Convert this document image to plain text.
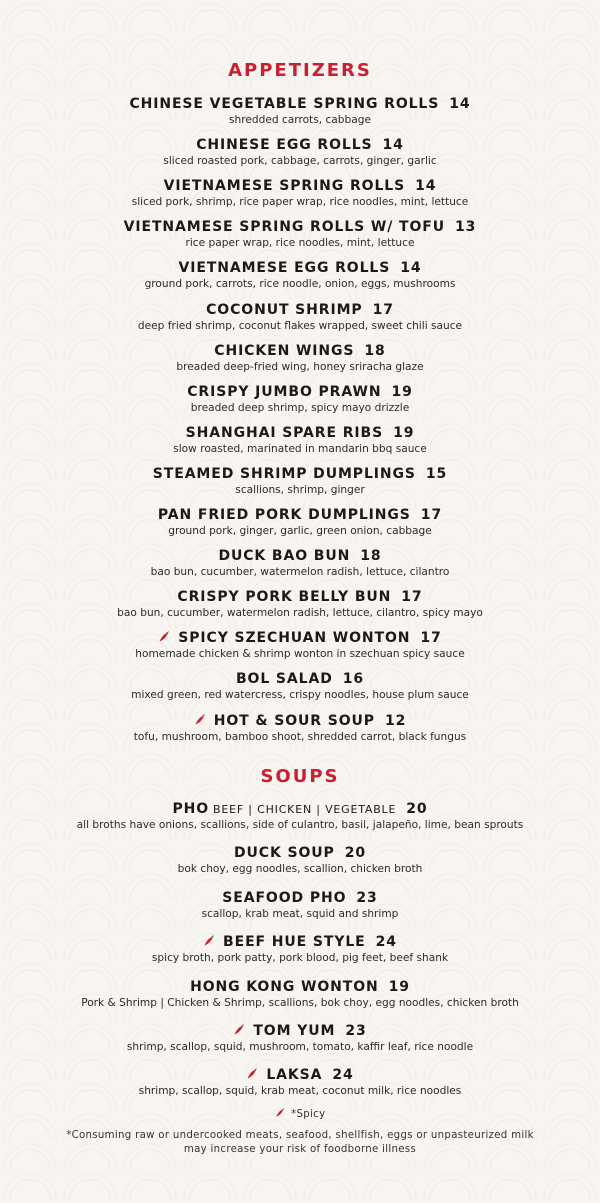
APPETIZERS
CHINESE VEGETABLE SPRING ROLLS 14
shredded carrots, cabbage
CHINESE EGG ROLLS 14
sliced roasted pork, cabbage, carrots, ginger, garlic
VIETNAMESE SPRING ROLLS 14
sliced pork, shrimp, rice paper wrap, rice noodles, mint, lettuce
VIETNAMESE SPRING ROLLS W/ TOFU 13
rice paper wrap, rice noodles, mint, lettuce
VIETNAMESE EGG ROLLS 14
ground pork, carrots, rice noodle, onion, eggs, mushrooms
COCONUT SHRIMP 17
deep fried shrimp, coconut flakes wrapped, sweet chili sauce
CHICKEN WINGS 18
breaded deep-fried wing, honey sriracha glaze
CRISPY JUMBO PRAWN 19
breaded deep shrimp, spicy mayo drizzle
SHANGHAI SPARE RIBS 19
slow roasted, marinated in mandarin bbq sauce
STEAMED SHRIMP DUMPLINGS 15
scallions, shrimp, ginger
PAN FRIED PORK DUMPLINGS 17
ground pork, ginger, garlic, green onion, cabbage
DUCK BAO BUN 18
bao bun, cucumber, watermelon radish, lettuce, cilantro
CRISPY PORK BELLY BUN 17
bao bun, cucumber, watermelon radish, lettuce, cilantro, spicy mayo
SPICY SZECHUAN WONTON 17
homemade chicken & shrimp wonton in szechuan spicy sauce
BOL SALAD 16
mixed green, red watercress, crispy noodles, house plum sauce
HOT & SOUR SOUP 12
tofu, mushroom, bamboo shoot, shredded carrot, black fungus
SOUPS
PHO BEEF | CHICKEN | VEGETABLE 20
all broths have onions, scallions, side of culantro, basil, jalapeño, lime, bean sprouts
DUCK SOUP 20
bok choy, egg noodles, scallion, chicken broth
SEAFOOD PHO 23
scallop, krab meat, squid and shrimp
BEEF HUE STYLE 24
spicy broth, pork patty, pork blood, pig feet, beef shank
HONG KONG WONTON 19
Pork & Shrimp | Chicken & Shrimp, scallions, bok choy, egg noodles, chicken broth
TOM YUM 23
shrimp, scallop, squid, mushroom, tomato, kaffir leaf, rice noodle
LAKSA 24
shrimp, scallop, squid, krab meat, coconut milk, rice noodles
*Spicy
*Consuming raw or undercooked meats, seafood, shellfish, eggs or unpasteurized milk
may increase your risk of foodborne illness
